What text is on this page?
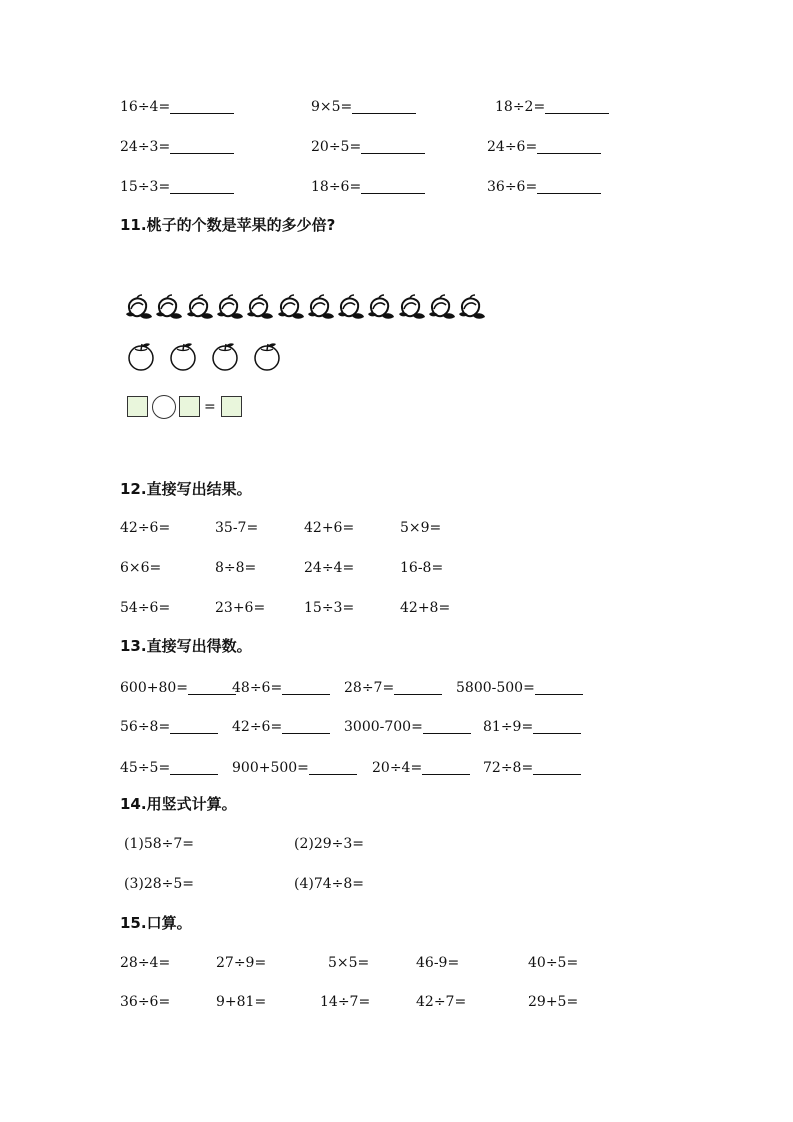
16÷4=	9×5=	18÷2=
24÷3=	20÷5=	24÷6=
15÷3=	18÷6=	36÷6=
11.桃子的个数是苹果的多少倍?
=
12.直接写出结果。
42÷6=	35-7=	42+6=	5×9=
6×6=	8÷8=	24÷4=	16-8=
54÷6=	23+6=	15÷3=	42+8=
13.直接写出得数。
600+80=	48÷6=	28÷7=	5800-500=
56÷8=	42÷6=	3000-700=	81÷9=
45÷5=	900+500=	20÷4=	72÷8=
14.用竖式计算。
(1)58÷7=	(2)29÷3=
(3)28÷5=	(4)74÷8=
15.口算。
28÷4=	27÷9=	5×5=	46-9=	40÷5=
36÷6=	9+81=	14÷7=	42÷7=	29+5=
